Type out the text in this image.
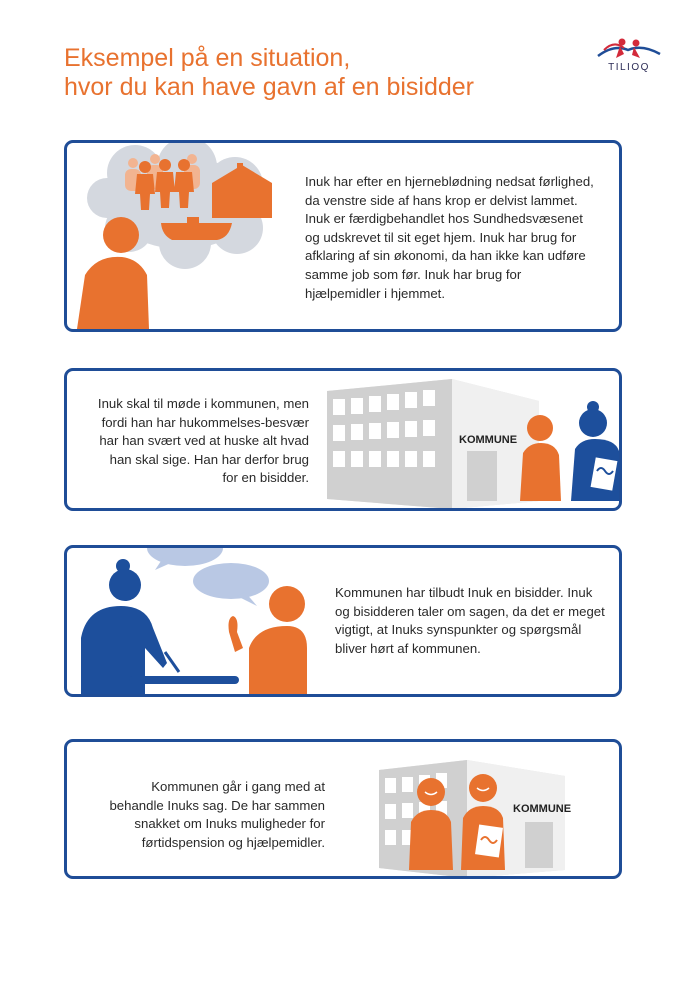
Eksempel på en situation,
hvor du kan have gavn af en bisidder
TILIOQ

Inuk har efter en hjerneblødning nedsat førlighed, da venstre side af hans krop er delvist lammet. Inuk er færdigbehandlet hos Sundhedsvæsenet og udskrevet til sit eget hjem. Inuk har brug for afklaring af sin økonomi, da han ikke kan udføre samme job som før. Inuk har brug for hjælpemidler i hjemmet.

Inuk skal til møde i kommunen, men fordi han har hukommelses-besvær har han svært ved at huske alt hvad han skal sige. Han har derfor brug for en bisidder.

KOMMUNE

Kommunen har tilbudt Inuk en bisidder. Inuk og bisidderen taler om sagen, da det er meget vigtigt, at Inuks synspunkter og spørgsmål bliver hørt af kommunen.

Kommunen går i gang med at behandle Inuks sag. De har sammen snakket om Inuks muligheder for førtidspension og hjælpemidler.

KOMMUNE
